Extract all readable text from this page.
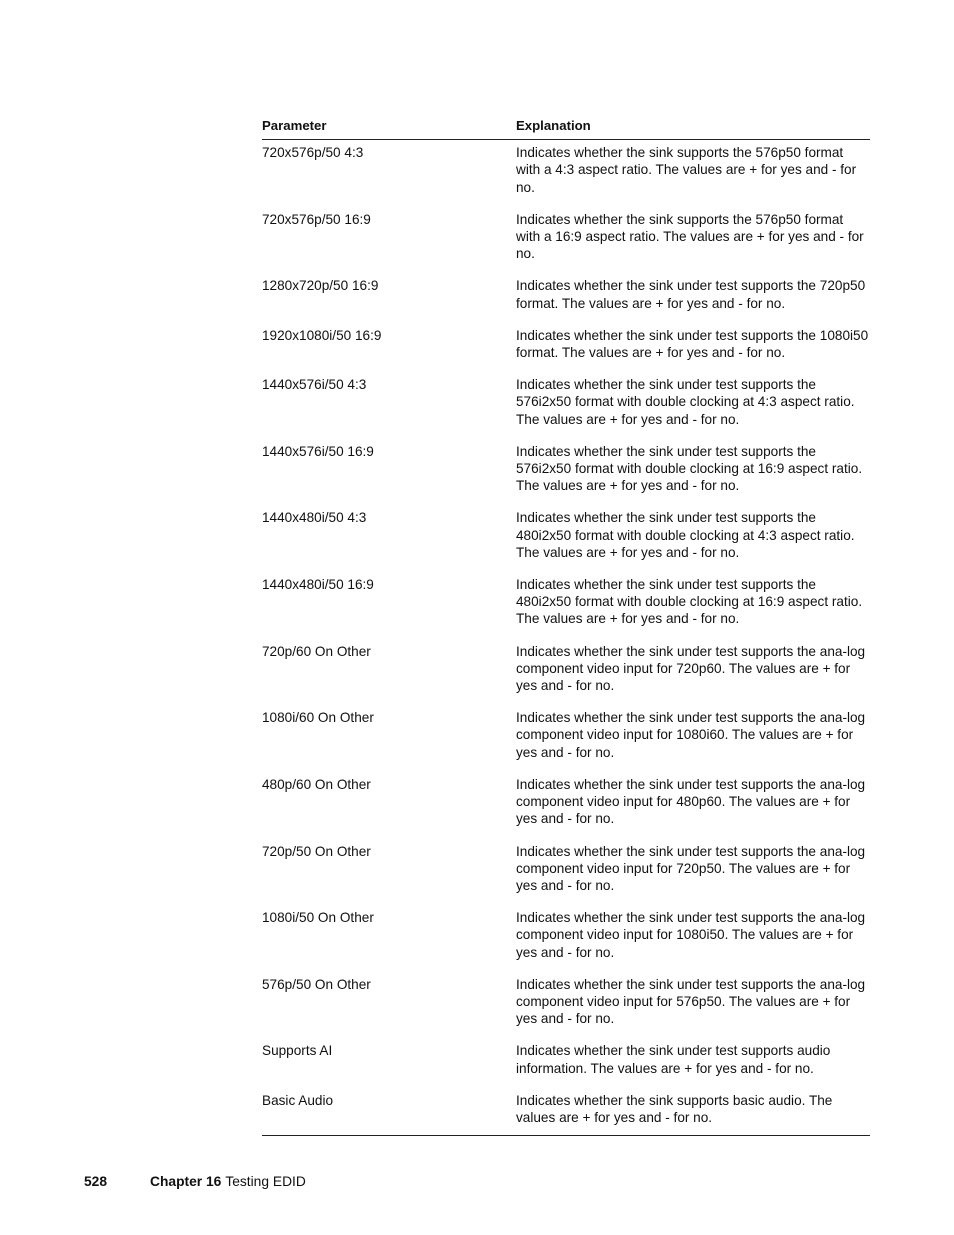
Parameter	Explanation
720x576p/50 4:3	Indicates whether the sink supports the 576p50 format with a 4:3 aspect ratio. The values are + for yes and - for no.
720x576p/50 16:9	Indicates whether the sink supports the 576p50 format with a 16:9 aspect ratio. The values are + for yes and - for no.
1280x720p/50 16:9	Indicates whether the sink under test supports the 720p50 format. The values are + for yes and - for no.
1920x1080i/50 16:9	Indicates whether the sink under test supports the 1080i50 format. The values are + for yes and - for no.
1440x576i/50 4:3	Indicates whether the sink under test supports the 576i2x50 format with double clocking at 4:3 aspect ratio. The values are + for yes and - for no.
1440x576i/50 16:9	Indicates whether the sink under test supports the 576i2x50 format with double clocking at 16:9 aspect ratio. The values are + for yes and - for no.
1440x480i/50 4:3	Indicates whether the sink under test supports the 480i2x50 format with double clocking at 4:3 aspect ratio. The values are + for yes and - for no.
1440x480i/50 16:9	Indicates whether the sink under test supports the 480i2x50 format with double clocking at 16:9 aspect ratio. The values are + for yes and - for no.
720p/60 On Other	Indicates whether the sink under test supports the ana-log component video input for 720p60. The values are + for yes and - for no.
1080i/60 On Other	Indicates whether the sink under test supports the ana-log component video input for 1080i60. The values are + for yes and - for no.
480p/60 On Other	Indicates whether the sink under test supports the ana-log component video input for 480p60. The values are + for yes and - for no.
720p/50 On Other	Indicates whether the sink under test supports the ana-log component video input for 720p50. The values are + for yes and - for no.
1080i/50 On Other	Indicates whether the sink under test supports the ana-log component video input for 1080i50. The values are + for yes and - for no.
576p/50 On Other	Indicates whether the sink under test supports the ana-log component video input for 576p50. The values are + for yes and - for no.
Supports AI	Indicates whether the sink under test supports audio information. The values are + for yes and - for no.
Basic Audio	Indicates whether the sink supports basic audio. The values are + for yes and - for no.
528	Chapter 16 Testing EDID
